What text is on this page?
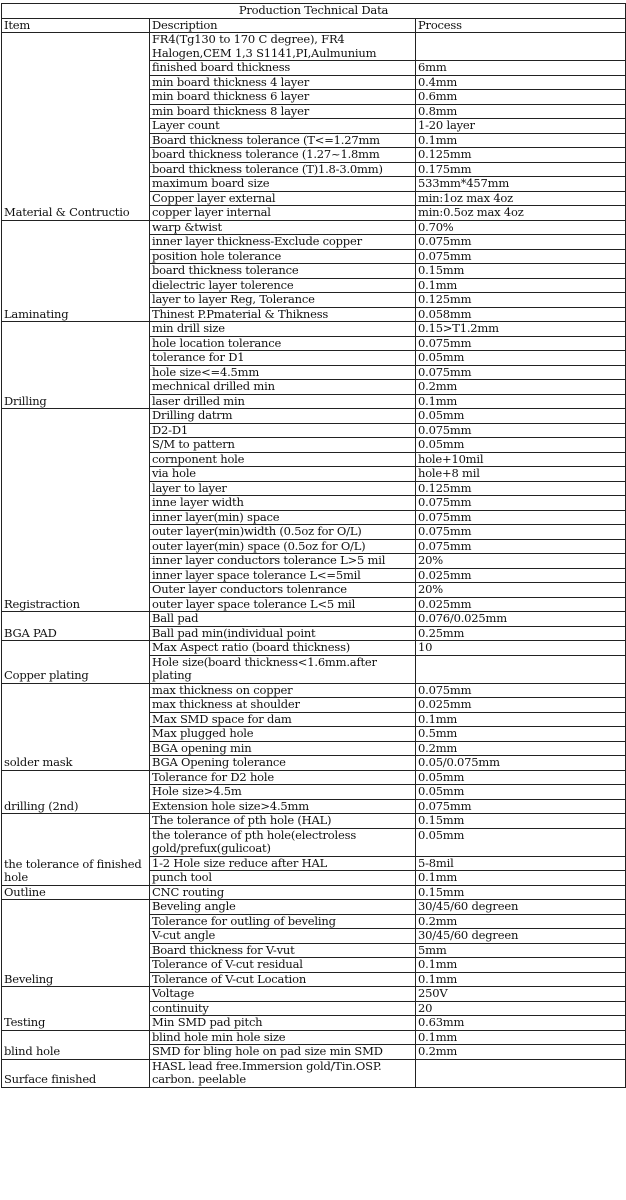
Production Technical Data		
Item	Description	Process
Material & Contructio	FR4(Tg130 to 170 C degree), FR4 Halogen,CEM 1,3 S1141,PI,Aulmunium	
	finished board thickness	6mm
	min board thickness 4 layer	0.4mm
	min board thickness 6 layer	0.6mm
	min board thickness 8 layer	0.8mm
	Layer count	1-20 layer
	Board thickness tolerance (T<=1.27mm	0.1mm
	board thickness tolerance (1.27~1.8mm	0.125mm
	board thickness tolerance (T)1.8-3.0mm)	0.175mm
	maximum board size	533mm*457mm
	Copper layer external	min:1oz max 4oz
	copper layer internal	min:0.5oz max 4oz
Laminating	warp &twist	0.70%
	inner layer thickness-Exclude copper	0.075mm
	position hole tolerance	0.075mm
	board thickness tolerance	0.15mm
	dielectric layer tolerence	0.1mm
	layer to layer Reg, Tolerance	0.125mm
	Thinest P.Pmaterial & Thikness	0.058mm
Drilling	min drill size	0.15>T1.2mm
	hole location tolerance	0.075mm
	tolerance for D1	0.05mm
	hole size<=4.5mm	0.075mm
	mechnical drilled min	0.2mm
	laser drilled min	0.1mm
Registraction	Drilling datrm	0.05mm
	D2-D1	0.075mm
	S/M to pattern	0.05mm
	cornponent hole	hole+10mil
	via hole	hole+8 mil
	layer to layer	0.125mm
	inne layer width	0.075mm
	inner layer(min) space	0.075mm
	outer layer(min)width (0.5oz for O/L)	0.075mm
	outer layer(min) space (0.5oz for O/L)	0.075mm
	inner layer conductors tolerance L>5 mil	20%
	inner layer space tolerance L<=5mil	0.025mm
	Outer layer conductors tolenrance	20%
	outer layer space tolerance L<5 mil	0.025mm
BGA PAD	Ball pad	0.076/0.025mm
	Ball pad min(individual point	0.25mm
Copper plating	Max Aspect ratio (board thickness)	10
	Hole size(board thickness<1.6mm.after plating	
solder mask	max thickness on copper	0.075mm
	max thickness at shoulder	0.025mm
	Max SMD space for dam	0.1mm
	Max plugged hole	0.5mm
	BGA opening min	0.2mm
	BGA Opening tolerance	0.05/0.075mm
drilling (2nd)	Tolerance for D2 hole	0.05mm
	Hole size>4.5m	0.05mm
	Extension hole size>4.5mm	0.075mm
the tolerance of finished hole	The tolerance of pth hole (HAL)	0.15mm
	the tolerance of pth hole(electroless gold/prefux(gulicoat)	0.05mm
	1-2 Hole size reduce after HAL	5-8mil
	punch tool	0.1mm
Outline	CNC routing	0.15mm
Beveling	Beveling angle	30/45/60 degreen
	Tolerance for outling of beveling	0.2mm
	V-cut angle	30/45/60 degreen
	Board thickness for V-vut	5mm
	Tolerance of V-cut residual	0.1mm
	Tolerance of V-cut Location	0.1mm
Testing	Voltage	250V
	continuity	20
	Min SMD pad pitch	0.63mm
blind hole	blind hole min hole size	0.1mm
	SMD for bling hole on pad size min SMD	0.2mm
Surface finished	HASL lead free.Immersion gold/Tin.OSP. carbon. peelable	
